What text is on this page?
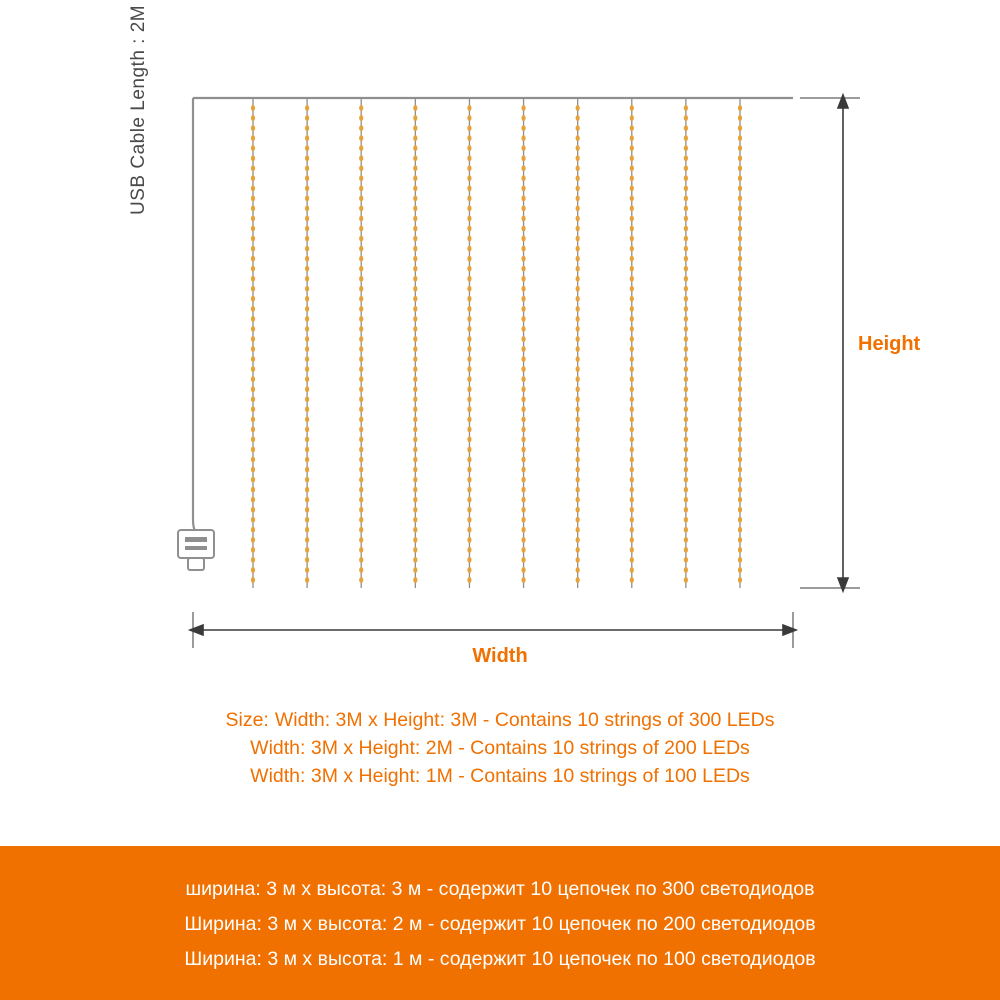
USB Cable Length : 2M
Height
Width
Size: Width: 3M x Height: 3M - Contains 10 strings of 300 LEDs
Width: 3M x Height: 2M - Contains 10 strings of 200 LEDs
Width: 3M x Height: 1M - Contains 10 strings of 100 LEDs
ширина: 3 м x высота: 3 м - содержит 10 цепочек по 300 светодиодов
Ширина: 3 м x высота: 2 м - содержит 10 цепочек по 200 светодиодов
Ширина: 3 м x высота: 1 м - содержит 10 цепочек по 100 светодиодов
